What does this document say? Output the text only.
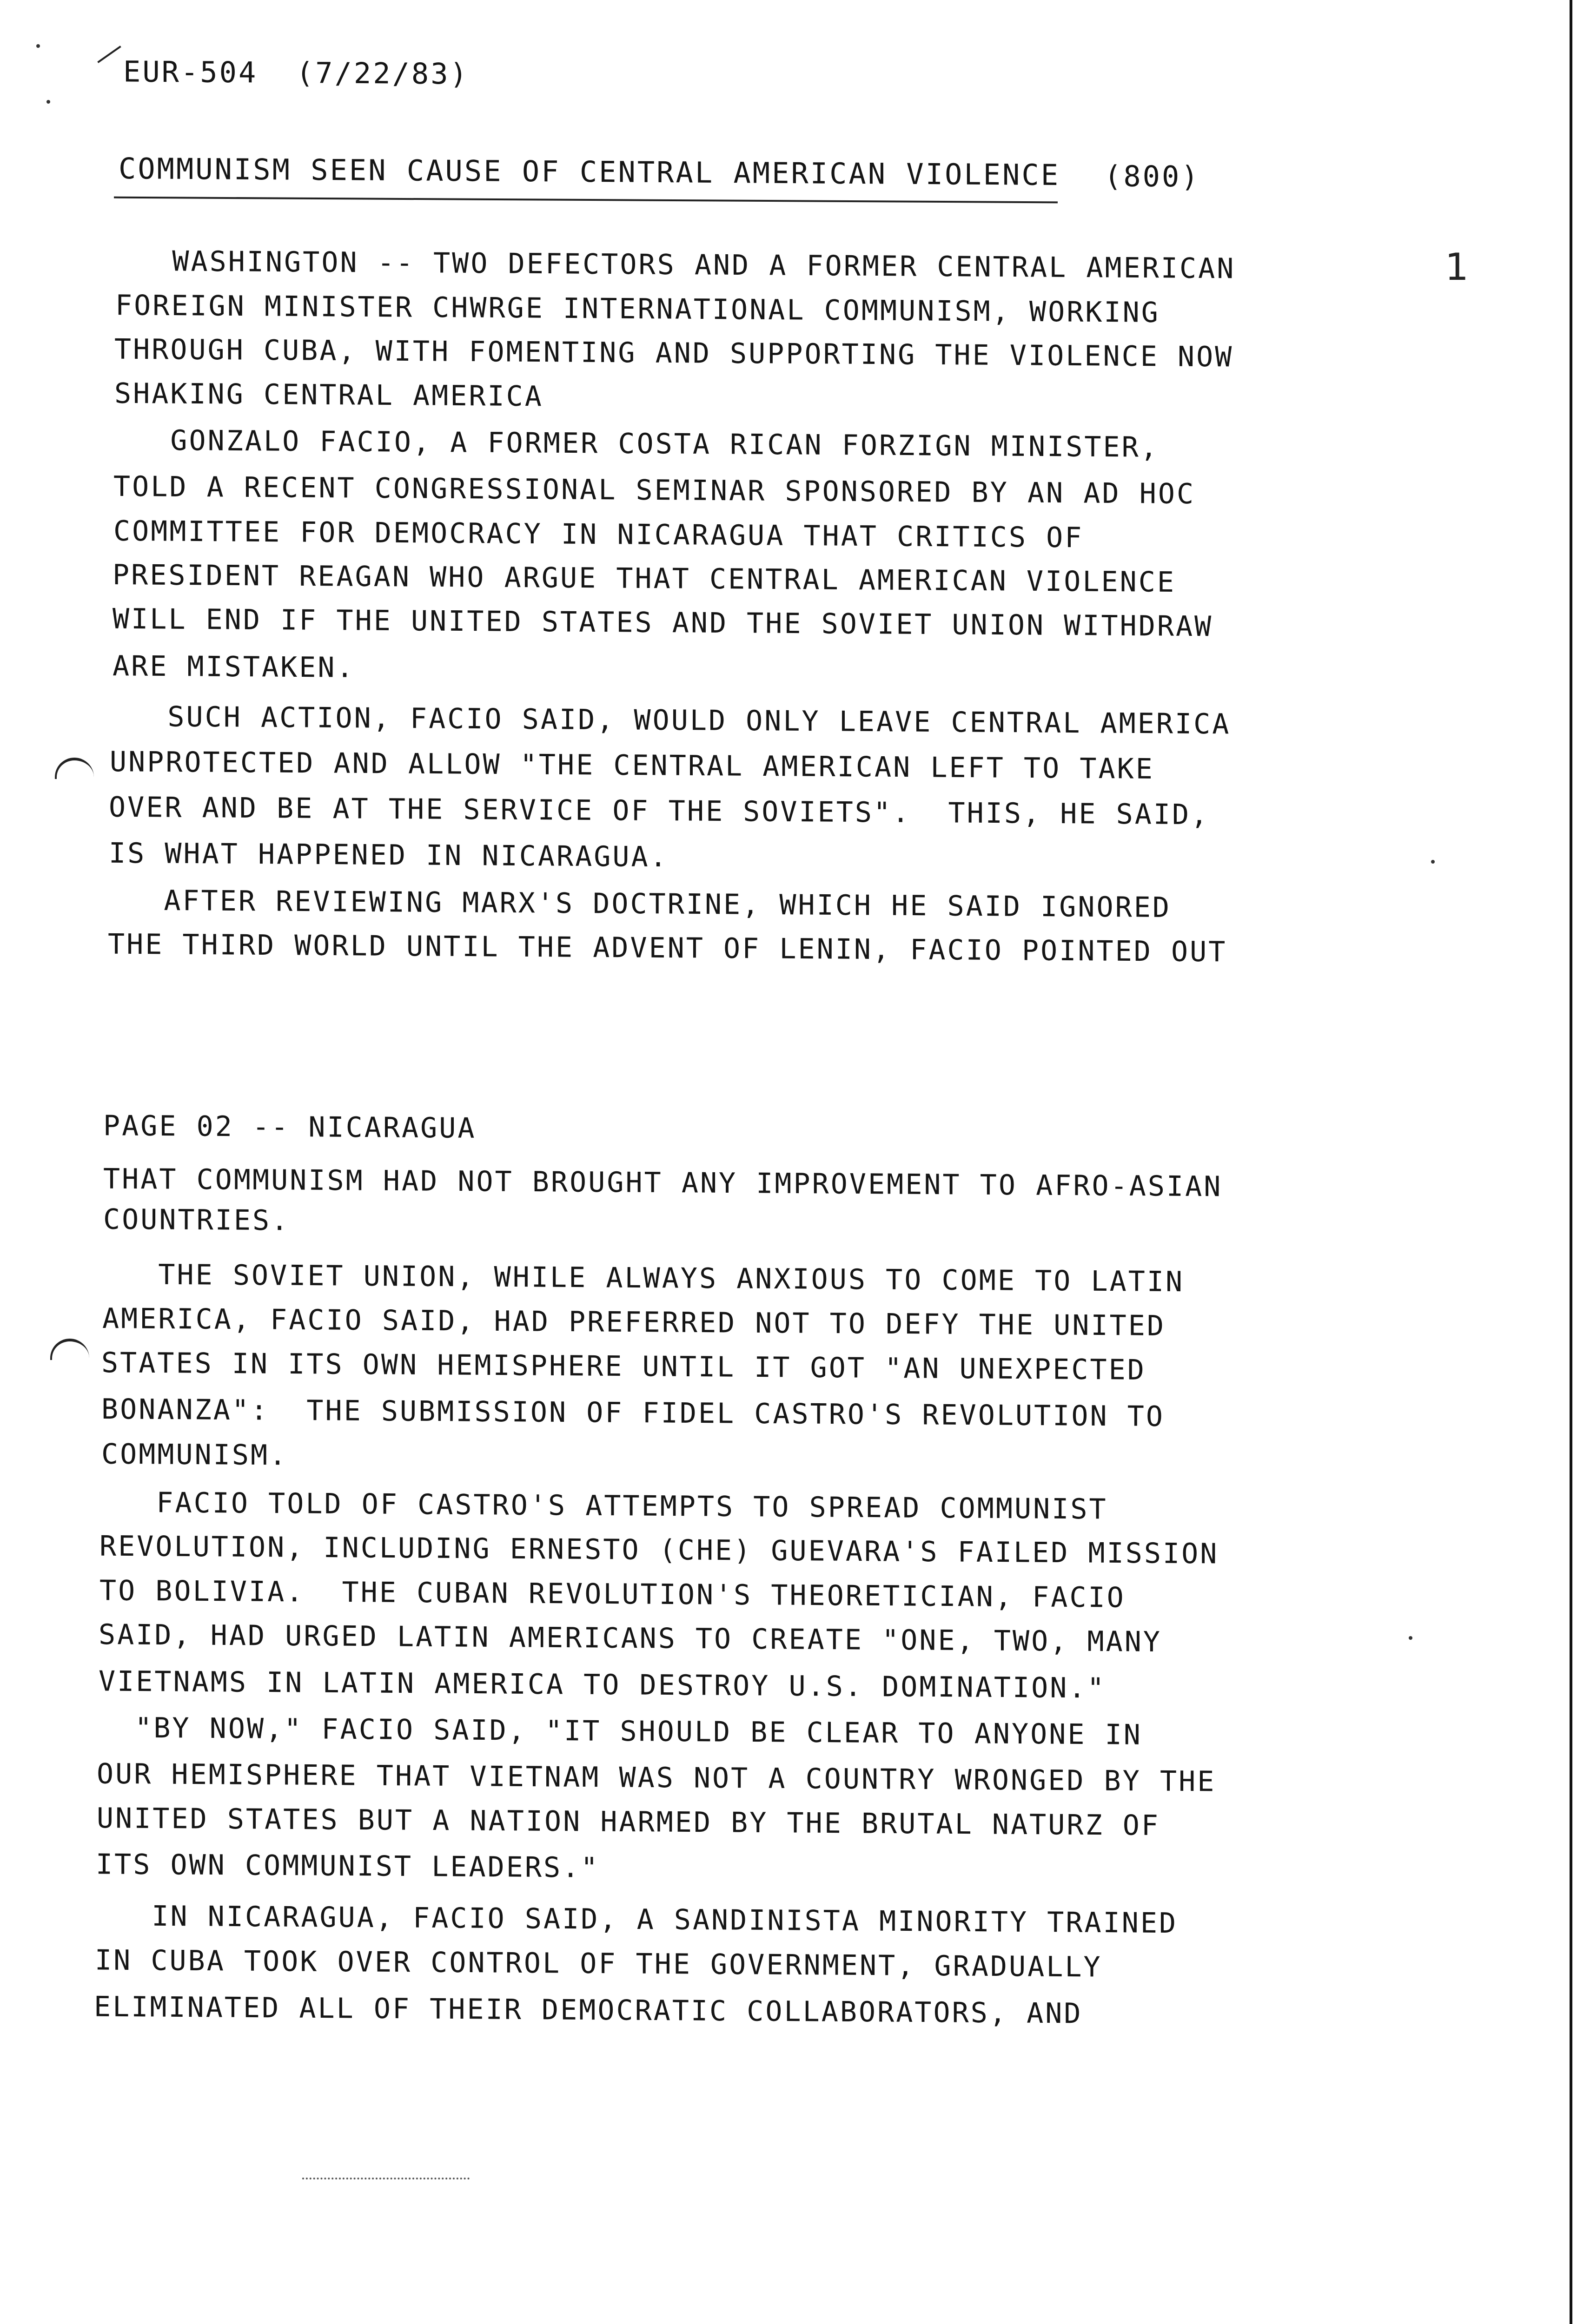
EUR-504  (7/22/83)
COMMUNISM SEEN CAUSE OF CENTRAL AMERICAN VIOLENCE (800)
1
WASHINGTON -- TWO DEFECTORS AND A FORMER CENTRAL AMERICAN
FOREIGN MINISTER CHWRGE INTERNATIONAL COMMUNISM, WORKING
THROUGH CUBA, WITH FOMENTING AND SUPPORTING THE VIOLENCE NOW
SHAKING CENTRAL AMERICA
GONZALO FACIO, A FORMER COSTA RICAN FORZIGN MINISTER,
TOLD A RECENT CONGRESSIONAL SEMINAR SPONSORED BY AN AD HOC
COMMITTEE FOR DEMOCRACY IN NICARAGUA THAT CRITICS OF
PRESIDENT REAGAN WHO ARGUE THAT CENTRAL AMERICAN VIOLENCE
WILL END IF THE UNITED STATES AND THE SOVIET UNION WITHDRAW
ARE MISTAKEN.
SUCH ACTION, FACIO SAID, WOULD ONLY LEAVE CENTRAL AMERICA
UNPROTECTED AND ALLOW "THE CENTRAL AMERICAN LEFT TO TAKE
OVER AND BE AT THE SERVICE OF THE SOVIETS".  THIS, HE SAID,
IS WHAT HAPPENED IN NICARAGUA.
AFTER REVIEWING MARX'S DOCTRINE, WHICH HE SAID IGNORED
THE THIRD WORLD UNTIL THE ADVENT OF LENIN, FACIO POINTED OUT
PAGE 02 -- NICARAGUA
THAT COMMUNISM HAD NOT BROUGHT ANY IMPROVEMENT TO AFRO-ASIAN
COUNTRIES.
THE SOVIET UNION, WHILE ALWAYS ANXIOUS TO COME TO LATIN
AMERICA, FACIO SAID, HAD PREFERRED NOT TO DEFY THE UNITED
STATES IN ITS OWN HEMISPHERE UNTIL IT GOT "AN UNEXPECTED
BONANZA":  THE SUBMISSION OF FIDEL CASTRO'S REVOLUTION TO
COMMUNISM.
FACIO TOLD OF CASTRO'S ATTEMPTS TO SPREAD COMMUNIST
REVOLUTION, INCLUDING ERNESTO (CHE) GUEVARA'S FAILED MISSION
TO BOLIVIA.  THE CUBAN REVOLUTION'S THEORETICIAN, FACIO
SAID, HAD URGED LATIN AMERICANS TO CREATE "ONE, TWO, MANY
VIETNAMS IN LATIN AMERICA TO DESTROY U.S. DOMINATION."
"BY NOW," FACIO SAID, "IT SHOULD BE CLEAR TO ANYONE IN
OUR HEMISPHERE THAT VIETNAM WAS NOT A COUNTRY WRONGED BY THE
UNITED STATES BUT A NATION HARMED BY THE BRUTAL NATURZ OF
ITS OWN COMMUNIST LEADERS."
IN NICARAGUA, FACIO SAID, A SANDINISTA MINORITY TRAINED
IN CUBA TOOK OVER CONTROL OF THE GOVERNMENT, GRADUALLY
ELIMINATED ALL OF THEIR DEMOCRATIC COLLABORATORS, AND
